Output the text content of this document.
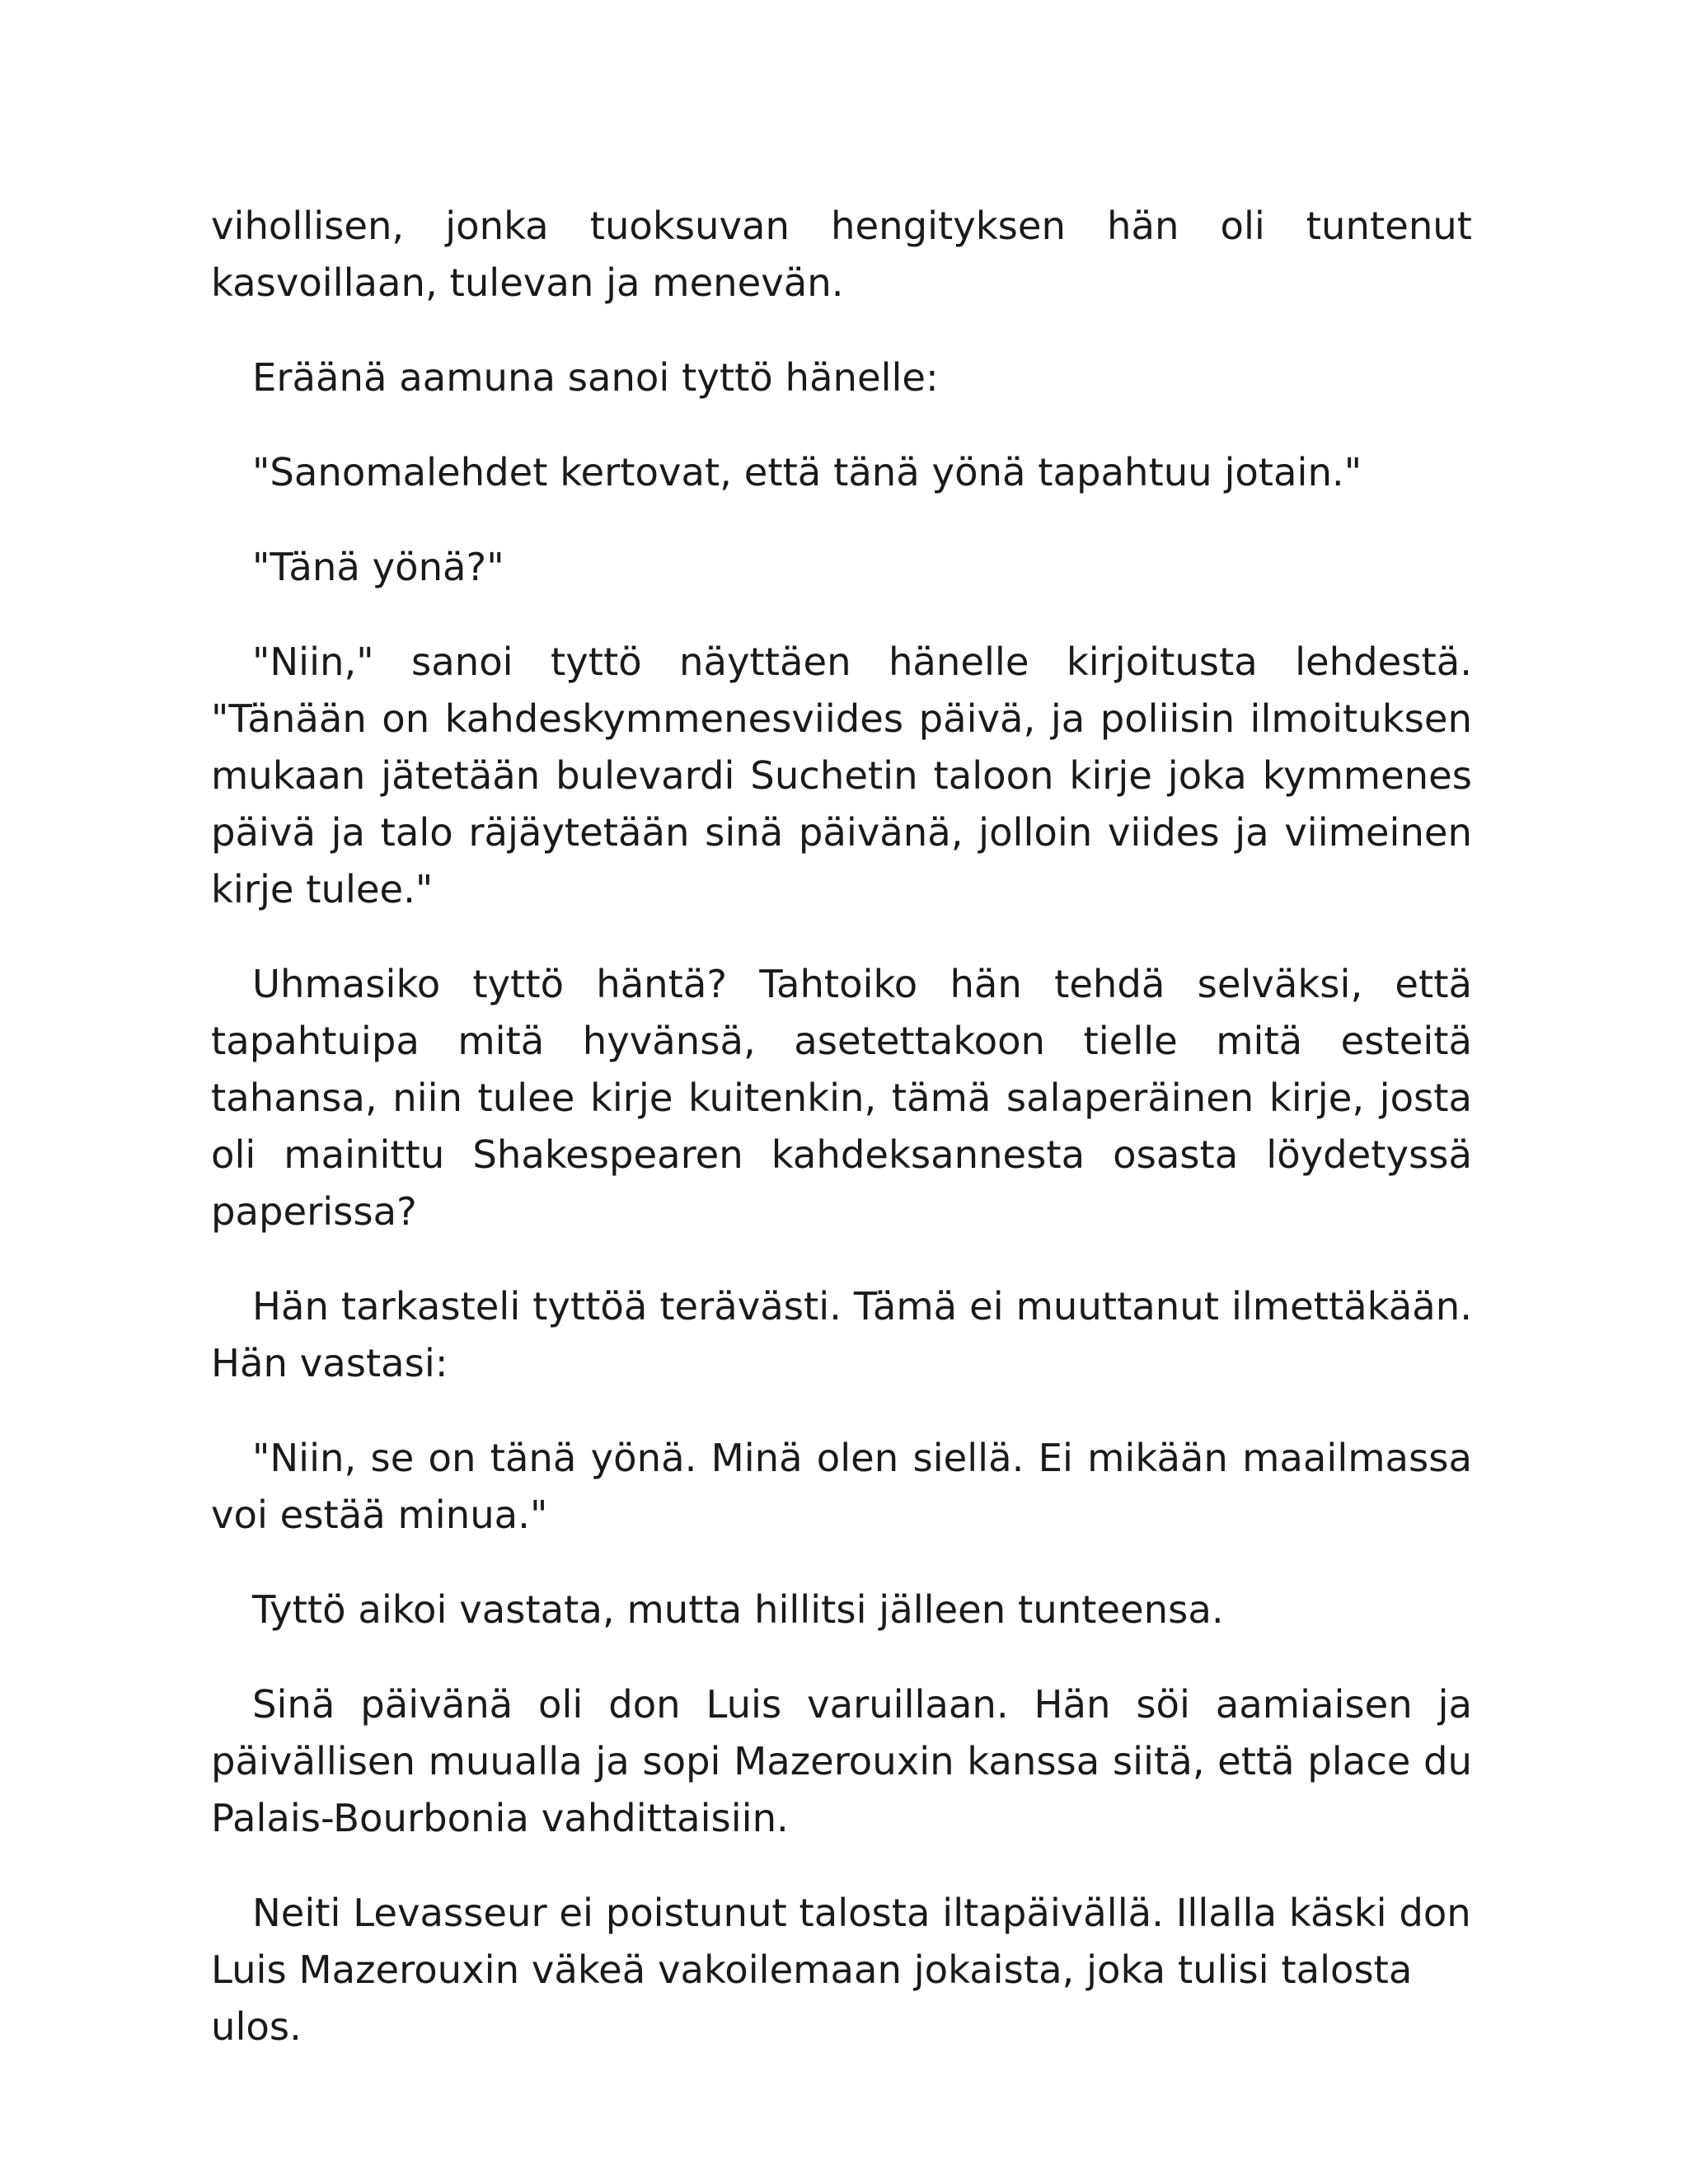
vihollisen, jonka tuoksuvan hengityksen hän oli tuntenut kasvoillaan, tulevan ja menevän.

Eräänä aamuna sanoi tyttö hänelle:

"Sanomalehdet kertovat, että tänä yönä tapahtuu jotain."

"Tänä yönä?"

"Niin," sanoi tyttö näyttäen hänelle kirjoitusta lehdestä. "Tänään on kahdeskymmenesviides päivä, ja poliisin ilmoituksen mukaan jätetään bulevardi Suchetin taloon kirje joka kymmenes päivä ja talo räjäytetään sinä päivänä, jolloin viides ja viimeinen kirje tulee."

Uhmasiko tyttö häntä? Tahtoiko hän tehdä selväksi, että tapahtuipa mitä hyvänsä, asetettakoon tielle mitä esteitä tahansa, niin tulee kirje kuitenkin, tämä salaperäinen kirje, josta oli mainittu Shakespearen kahdeksannesta osasta löydetyssä paperissa?

Hän tarkasteli tyttöä terävästi. Tämä ei muuttanut ilmettäkään. Hän vastasi:

"Niin, se on tänä yönä. Minä olen siellä. Ei mikään maailmassa voi estää minua."

Tyttö aikoi vastata, mutta hillitsi jälleen tunteensa.

Sinä päivänä oli don Luis varuillaan. Hän söi aamiaisen ja päivällisen muualla ja sopi Mazerouxin kanssa siitä, että place du Palais-Bourbonia vahdittaisiin.

Neiti Levasseur ei poistunut talosta iltapäivällä. Illalla käski don Luis Mazerouxin väkeä vakoilemaan jokaista, joka tulisi talosta ulos.
